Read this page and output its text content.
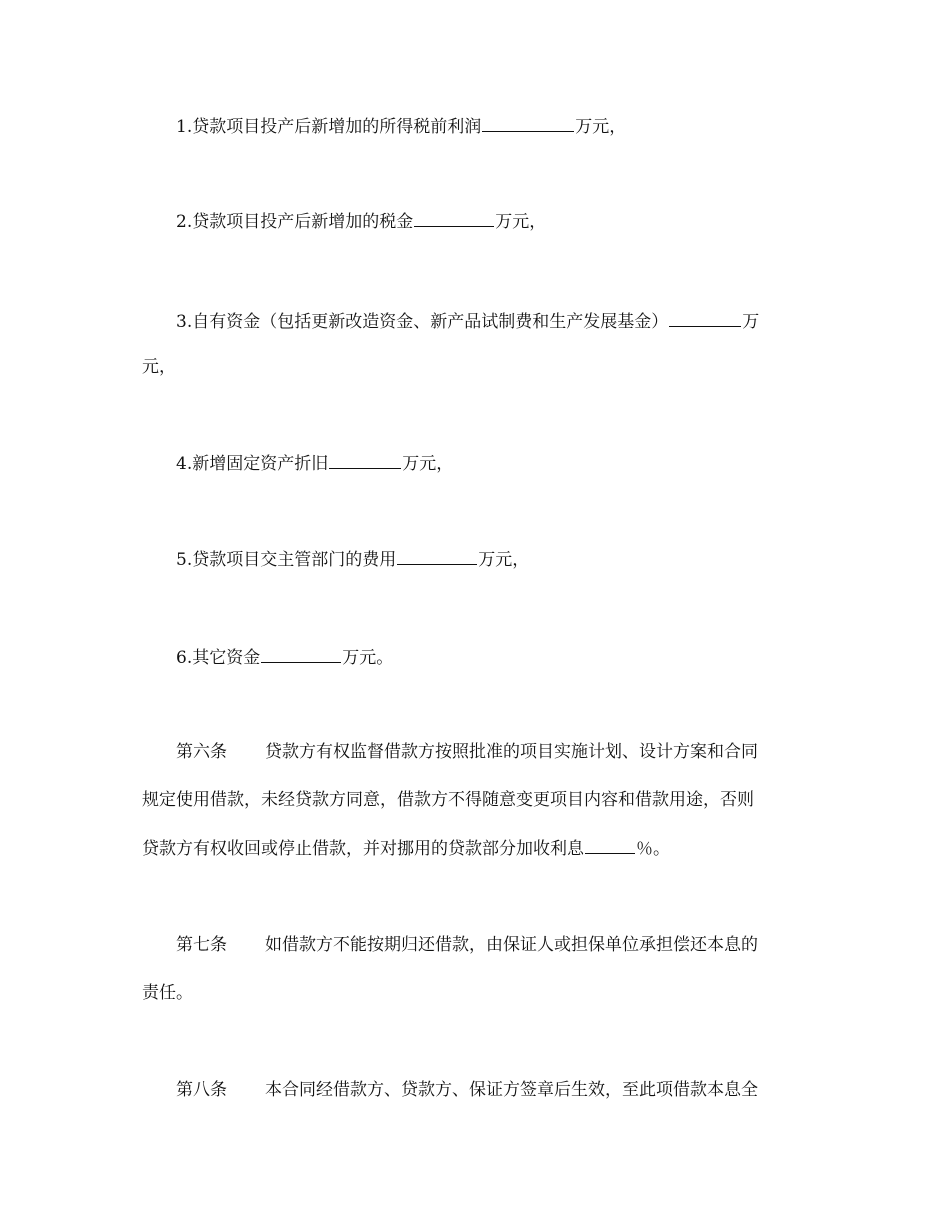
1.贷款项目投产后新增加的所得税前利润	万元，
2.贷款项目投产后新增加的税金	万元，
3.自有资金（包括更新改造资金、新产品试制费和生产发展基金）	万
元，
4.新增固定资产折旧	万元，
5.贷款项目交主管部门的费用	万元，
6.其它资金	万元。
第六条 贷款方有权监督借款方按照批准的项目实施计划、设计方案和合同
规定使用借款，未经贷款方同意，借款方不得随意变更项目内容和借款用途，否则
贷款方有权收回或停止借款，并对挪用的贷款部分加收利息	％。
第七条 如借款方不能按期归还借款，由保证人或担保单位承担偿还本息的
责任。
第八条 本合同经借款方、贷款方、保证方签章后生效，至此项借款本息全
